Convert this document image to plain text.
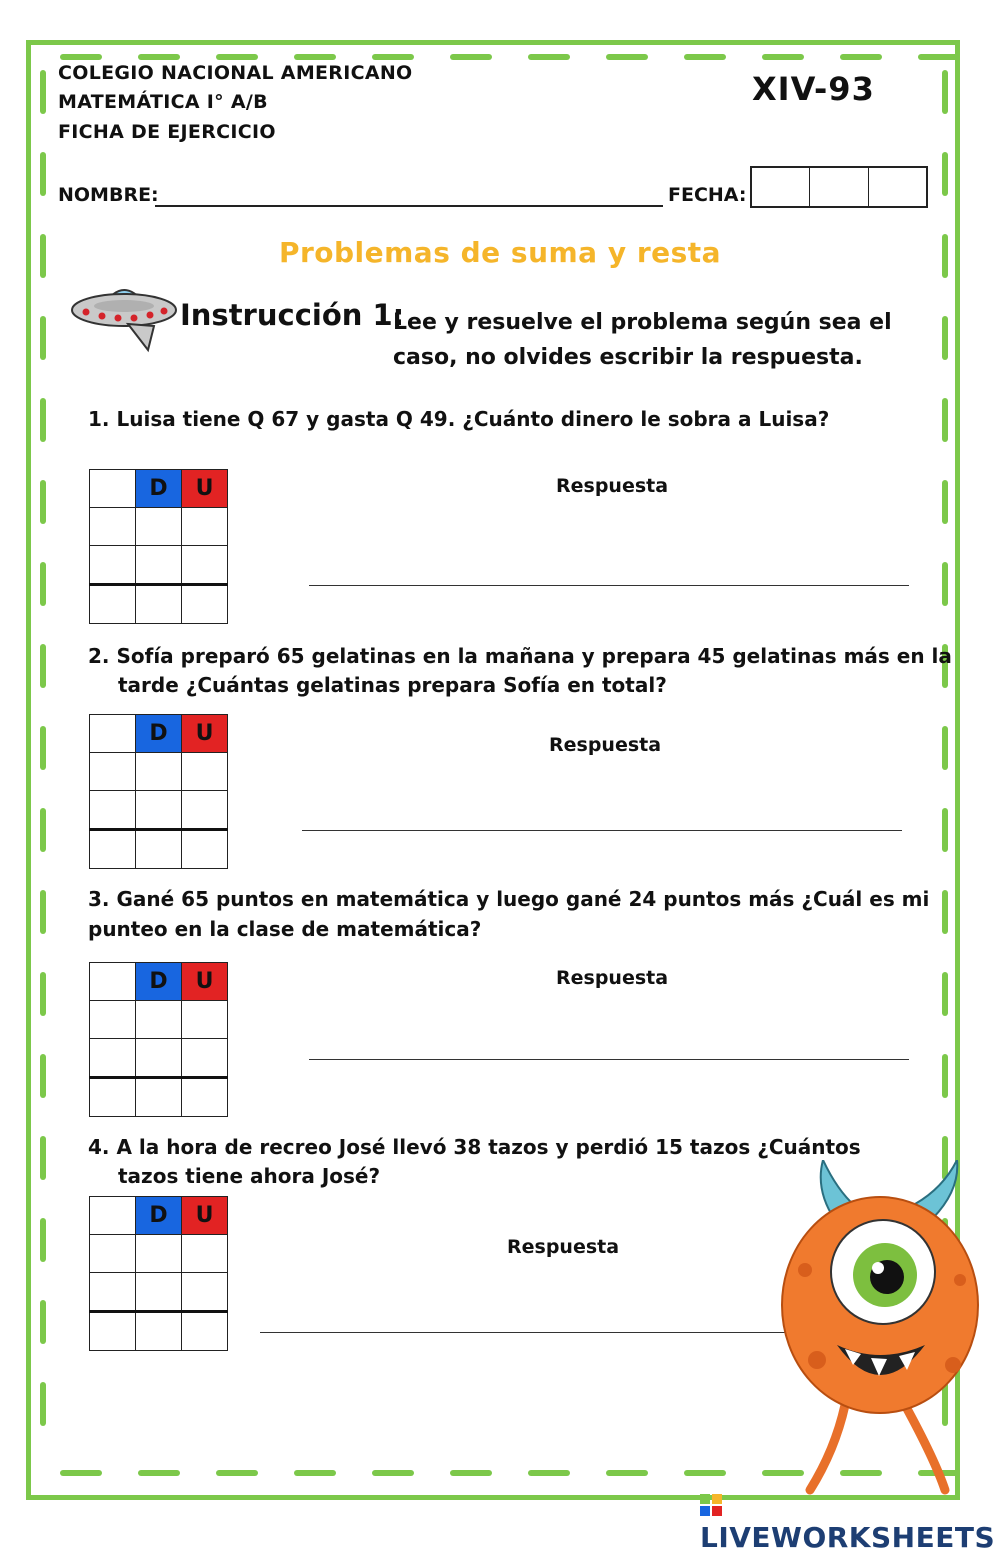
COLEGIO NACIONAL AMERICANO
MATEMÁTICA I° A/B
FICHA DE EJERCICIO
XIV-93
NOMBRE:	FECHA:
Problemas de suma y resta
Instrucción 1:
Lee y resuelve el problema según sea el caso, no olvides escribir la respuesta.
1. Luisa tiene Q 67 y gasta Q 49. ¿Cuánto dinero le sobra a Luisa?
	D	U

			Respuesta
2. Sofía preparó 65 gelatinas en la mañana y prepara 45 gelatinas más en la
tarde ¿Cuántas gelatinas prepara Sofía en total?
	D	U

			Respuesta
3. Gané 65 puntos en matemática y luego gané 24 puntos más ¿Cuál es mi
punteo en la clase de matemática?
	D	U

			Respuesta
4. A la hora de recreo José llevó 38 tazos y perdió 15 tazos ¿Cuántos
tazos tiene ahora José?
	D	U

Respuesta
LIVEWORKSHEETS
